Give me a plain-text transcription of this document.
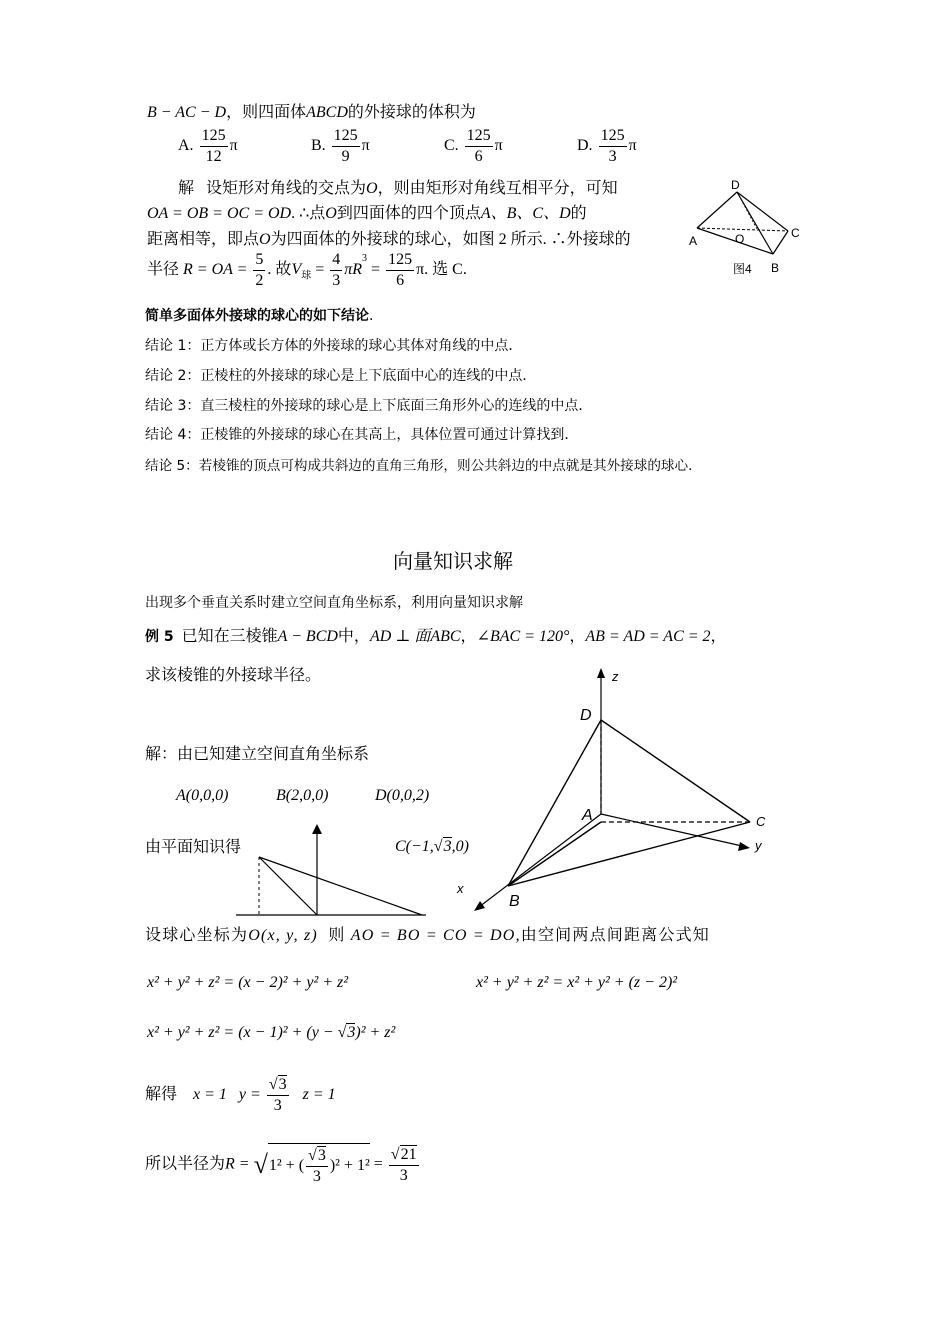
B − AC − D，则四面体ABCD的外接球的体积为
A. $\frac{125}{12}$ π	B. $\frac{125}{9}$ π	C. $\frac{125}{6}$ π	D. $\frac{125}{3}$ π
解 设矩形对角线的交点为O，则由矩形对角线互相平分，可知
OA = OB = OC = OD. ∴点O到四面体的四个顶点A、B、C、D的
距离相等，即点O为四面体的外接球的球心，如图 2 所示. ∴外接球的
半径 R = OA = $\frac{5}{2}$ . 故$V_球 = \frac{4}{3} \pi R^3 = \frac{125}{6} \pi$. 选 C.
D
A	O	C
B
图4
简单多面体外接球的球心的如下结论.
结论 1：正方体或长方体的外接球的球心其体对角线的中点．
结论 2：正棱柱的外接球的球心是上下底面中心的连线的中点．
结论 3：直三棱柱的外接球的球心是上下底面三角形外心的连线的中点．
结论 4：正棱锥的外接球的球心在其高上，具体位置可通过计算找到．
结论 5：若棱锥的顶点可构成共斜边的直角三角形，则公共斜边的中点就是其外接球的球心．
向量知识求解
出现多个垂直关系时建立空间直角坐标系，利用向量知识求解
例 5 已知在三棱锥A − BCD中，AD ⊥ 面ABC，∠BAC = 120°，AB = AD = AC = 2，
求该棱锥的外接球半径。
解：由已知建立空间直角坐标系
A(0,0,0)	B(2,0,0)	D(0,0,2)
由平面知识得	C(−1,√3,0)
z
y
x
D
A	C
B
设球心坐标为O(x, y, z) 则 AO = BO = CO = DO,由空间两点间距离公式知
x² + y² + z² = (x − 2)² + y² + z²	x² + y² + z² = x² + y² + (z − 2)²
x² + y² + z² = (x − 1)² + (y − √3)² + z²
解得 x = 1 $y = \frac{√3}{3}$ z = 1
所以半径为R = √1² + ( $\frac{√3}{3} )^2 + 1^2 = \frac{√21}{3}$
